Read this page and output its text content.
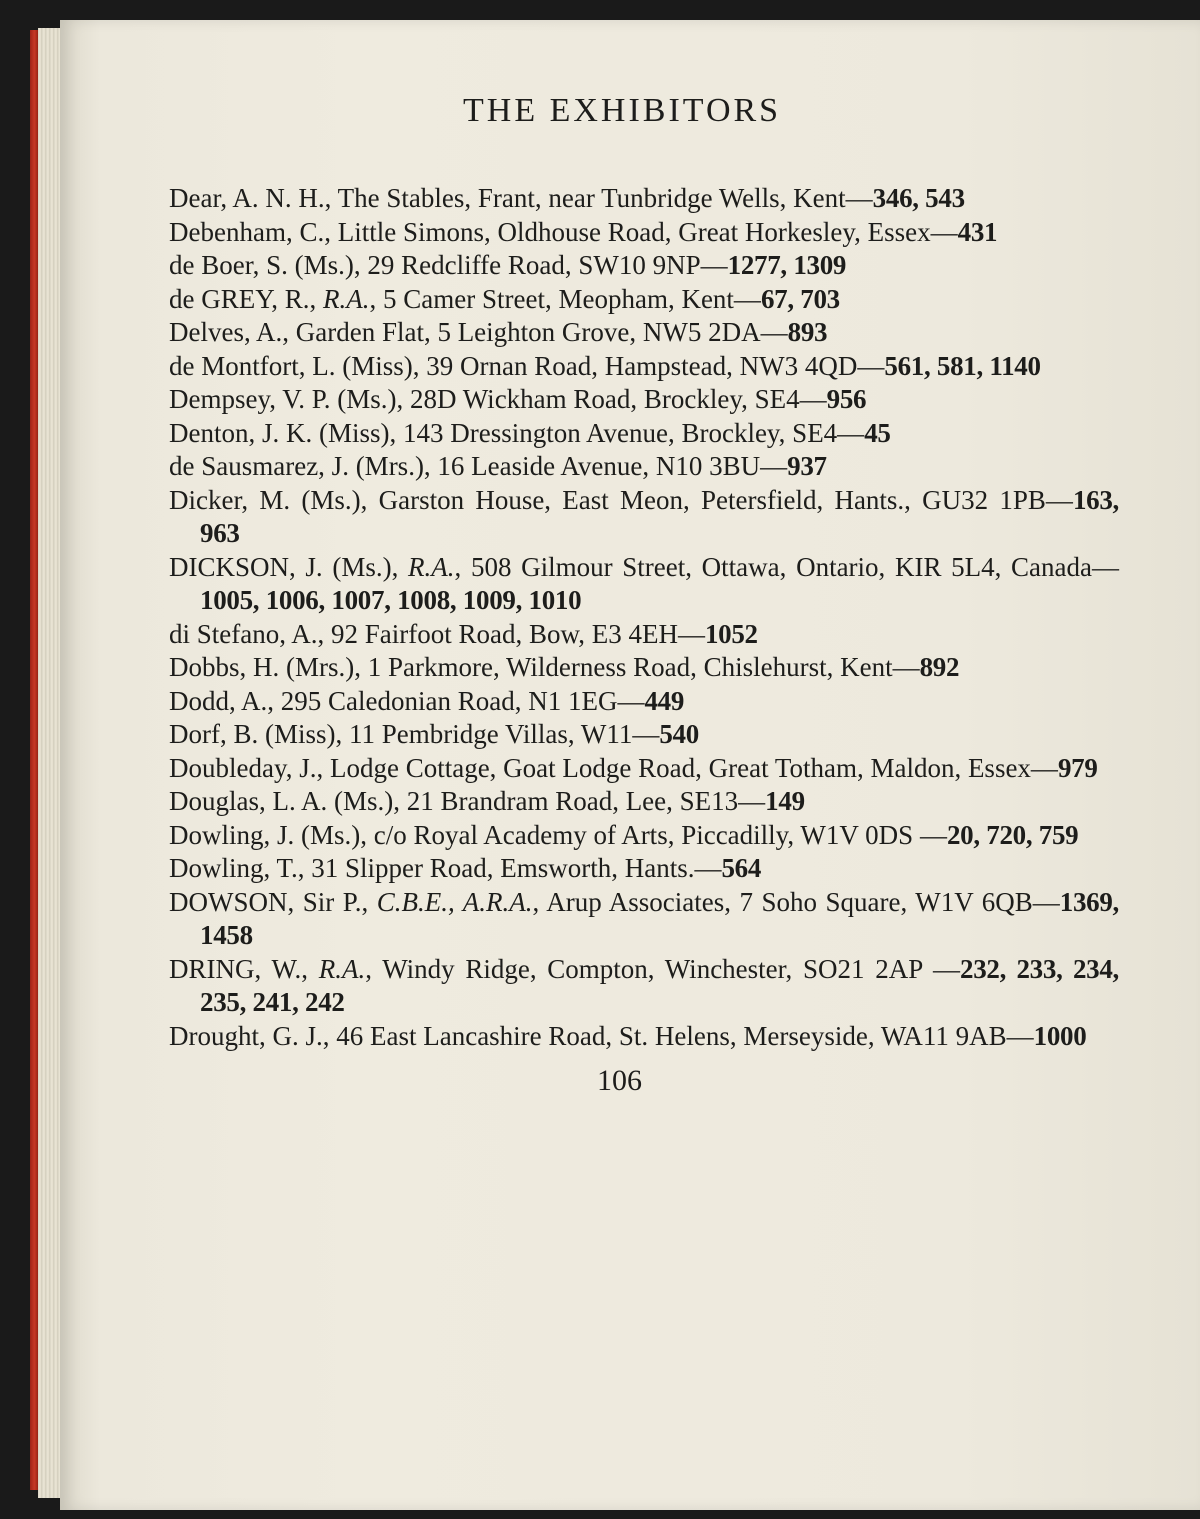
THE EXHIBITORS
Dear, A. N. H., The Stables, Frant, near Tunbridge Wells, Kent—346, 543
Debenham, C., Little Simons, Oldhouse Road, Great Horkesley, Essex—431
de Boer, S. (Ms.), 29 Redcliffe Road, SW10 9NP—1277, 1309
de GREY, R., R.A., 5 Camer Street, Meopham, Kent—67, 703
Delves, A., Garden Flat, 5 Leighton Grove, NW5 2DA—893
de Montfort, L. (Miss), 39 Ornan Road, Hampstead, NW3 4QD—561, 581, 1140
Dempsey, V. P. (Ms.), 28D Wickham Road, Brockley, SE4—956
Denton, J. K. (Miss), 143 Dressington Avenue, Brockley, SE4—45
de Sausmarez, J. (Mrs.), 16 Leaside Avenue, N10 3BU—937
Dicker, M. (Ms.), Garston House, East Meon, Petersfield, Hants., GU32 1PB—163, 963
DICKSON, J. (Ms.), R.A., 508 Gilmour Street, Ottawa, Ontario, KIR 5L4, Canada—1005, 1006, 1007, 1008, 1009, 1010
di Stefano, A., 92 Fairfoot Road, Bow, E3 4EH—1052
Dobbs, H. (Mrs.), 1 Parkmore, Wilderness Road, Chislehurst, Kent—892
Dodd, A., 295 Caledonian Road, N1 1EG—449
Dorf, B. (Miss), 11 Pembridge Villas, W11—540
Doubleday, J., Lodge Cottage, Goat Lodge Road, Great Totham, Maldon, Essex—979
Douglas, L. A. (Ms.), 21 Brandram Road, Lee, SE13—149
Dowling, J. (Ms.), c/o Royal Academy of Arts, Piccadilly, W1V 0DS —20, 720, 759
Dowling, T., 31 Slipper Road, Emsworth, Hants.—564
DOWSON, Sir P., C.B.E., A.R.A., Arup Associates, 7 Soho Square, W1V 6QB—1369, 1458
DRING, W., R.A., Windy Ridge, Compton, Winchester, SO21 2AP —232, 233, 234, 235, 241, 242
Drought, G. J., 46 East Lancashire Road, St. Helens, Merseyside, WA11 9AB—1000
106
